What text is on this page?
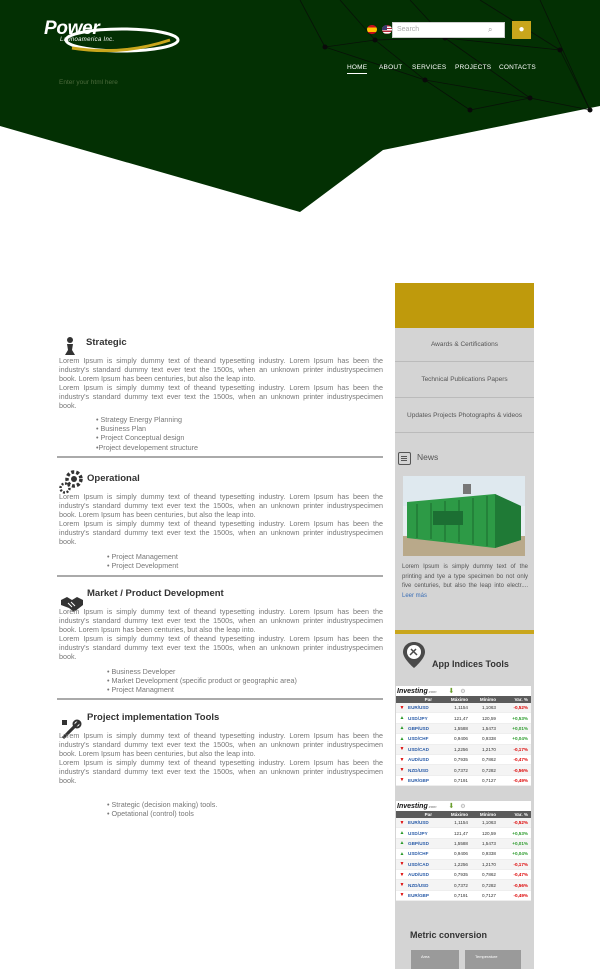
Power
Latinoamerica Inc.
Search	⌕	●
HOME ABOUT SERVICES PROJECTS CONTACTS
Enter your html here
Awards & Certifications
Technical Publications Papers
Updates Projects Photographs & videos
News
Lorem Ipsum is simply dummy text of the printing and tye a type specimen bo not only five centuries, but also the leap into electr.... Leer más
App Indices Tools
Investing.com ⬇ ⚙
Par	Máximo	Mínimo	Var. %
▼ EUR/USD	1,1154	1,1063	-0,52%
▲ USD/JPY	121,47	120,59	+0,53%
▲ GBP/USD	1,5588	1,5473	+0,01%
▲ USD/CHF	0,9406	0,9338	+0,04%
▼ USD/CAD	1,2256	1,2170	-0,17%
▼ AUD/USD	0,7935	0,7862	-0,47%
▼ NZD/USD	0,7372	0,7282	-0,56%
▼ EUR/GBP	0,7191	0,7127	-0,49%
Investing.com ⬇ ⚙
Par	Máximo	Mínimo	Var. %
▼ EUR/USD	1,1154	1,1063	-0,52%
▲ USD/JPY	121,47	120,59	+0,53%
▲ GBP/USD	1,5588	1,5473	+0,01%
▲ USD/CHF	0,9406	0,9338	+0,04%
▼ USD/CAD	1,2256	1,2170	-0,17%
▼ AUD/USD	0,7935	0,7862	-0,47%
▼ NZD/USD	0,7372	0,7282	-0,56%
▼ EUR/GBP	0,7191	0,7127	-0,49%
Metric conversion
Area	Temperature
Strategic
Lorem Ipsum is simply dummy text of theand typesetting industry. Lorem Ipsum has been the industry's standard dummy text ever text the 1500s, when an unknown printer industryspecimen book. Lorem Ipsum has been centuries, but also the leap into.
Lorem Ipsum is simply dummy text of theand typesetting industry. Lorem Ipsum has been the industry's standard dummy text ever text the 1500s, when an unknown printer industryspecimen book.
• Strategy Energy Planning
• Business Plan
• Project Conceptual design
•Project developement structure
Operational
Lorem Ipsum is simply dummy text of theand typesetting industry. Lorem Ipsum has been the industry's standard dummy text ever text the 1500s, when an unknown printer industryspecimen book. Lorem Ipsum has been centuries, but also the leap into.
Lorem Ipsum is simply dummy text of theand typesetting industry. Lorem Ipsum has been the industry's standard dummy text ever text the 1500s, when an unknown printer industryspecimen book.
• Project Management
• Project Development
Market / Product Development
Lorem Ipsum is simply dummy text of theand typesetting industry. Lorem Ipsum has been the industry's standard dummy text ever text the 1500s, when an unknown printer industryspecimen book. Lorem Ipsum has been centuries, but also the leap into.
Lorem Ipsum is simply dummy text of theand typesetting industry. Lorem Ipsum has been the industry's standard dummy text ever text the 1500s, when an unknown printer industryspecimen book.
• Business Developer
• Market Development (specific product or geographic area)
• Project Managment
Project implementation Tools
Lorem Ipsum is simply dummy text of theand typesetting industry. Lorem Ipsum has been the industry's standard dummy text ever text the 1500s, when an unknown printer industryspecimen book. Lorem Ipsum has been centuries, but also the leap into.
Lorem Ipsum is simply dummy text of theand typesetting industry. Lorem Ipsum has been the industry's standard dummy text ever text the 1500s, when an unknown printer industryspecimen book.
• Strategic (decision making) tools.
• Opetational (control) tools
